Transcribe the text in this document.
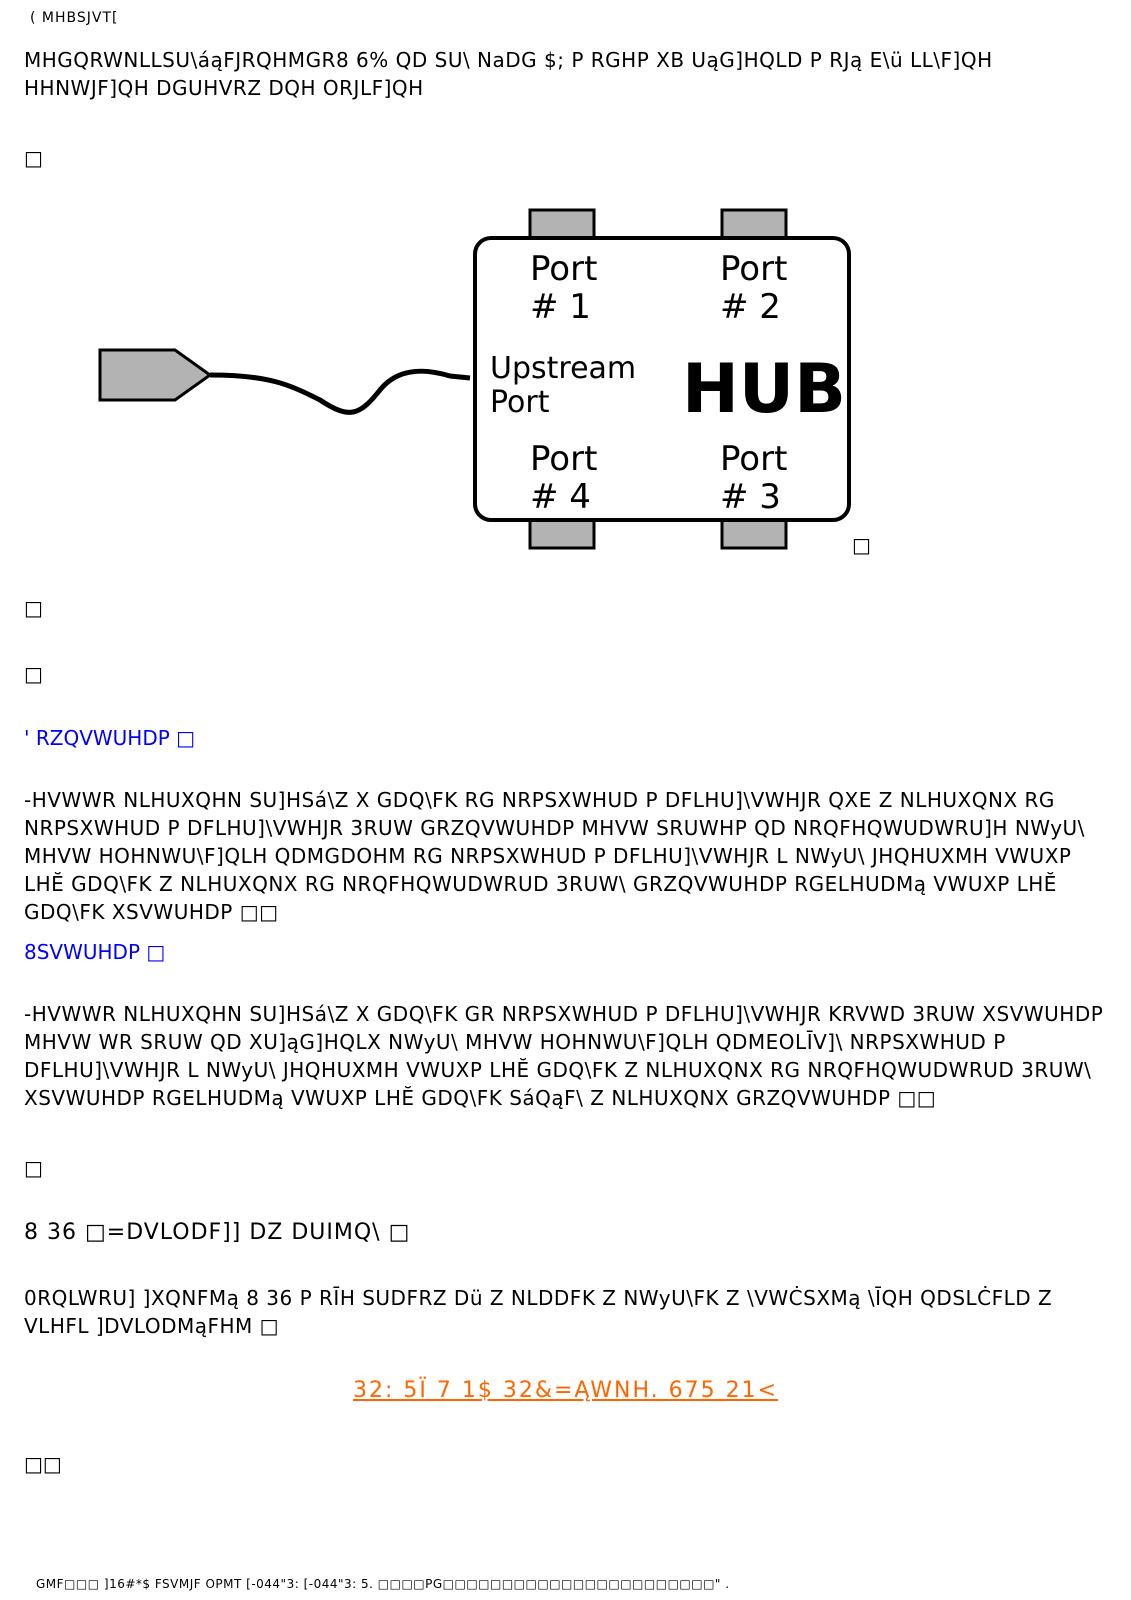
( MHBSJVT[
MHGQRWNLLSU\áąFJRQHMGR8 6% QD SU\ NaDG $; P RGHP XB UąG]HQLD P RJą E\ü LL\F]QH HHNWJF]QH DGUHVRZ DQH ORJLF]QH
□
Port
# 1
Port
# 2
Upstream
Port HUB
Port
# 4
Port
# 3
□
□
□
' RZQVWUHDP □
-HVWWR NLHUXQHN SU]HSá\Z X GDQ\FK RG NRPSXWHUD P DFLHU]\VWHJR QXE Z NLHUXQNX RG NRPSXWHUD P DFLHU]\VWHJR 3RUW GRZQVWUHDP MHVW SRUWHP QD NRQFHQWUDWRU]H NWyU\ MHVW HOHNWU\F]QLH QDMGDOHM RG NRPSXWHUD P DFLHU]\VWHJR L NWyU\ JHQHUXMH VWUXP LHĔ GDQ\FK Z NLHUXQNX RG NRQFHQWUDWRUD 3RUW\ GRZQVWUHDP RGELHUDMą VWUXP LHĔ GDQ\FK XSVWUHDP □□
8SVWUHDP □
-HVWWR NLHUXQHN SU]HSá\Z X GDQ\FK GR NRPSXWHUD P DFLHU]\VWHJR KRVWD 3RUW XSVWUHDP MHVW WR SRUW QD XU]ąG]HQLX NWyU\ MHVW HOHNWU\F]QLH QDMEOLĪV]\ NRPSXWHUD P DFLHU]\VWHJR L NWyU\ JHQHUXMH VWUXP LHĔ GDQ\FK Z NLHUXQNX RG NRQFHQWUDWRUD 3RUW\ XSVWUHDP RGELHUDMą VWUXP LHĔ GDQ\FK SáQąF\ Z NLHUXQNX GRZQVWUHDP □□
□
8 36 □=DVLODF]] DZ DUIMQ\ □
0RQLWRU] ]XQNFMą 8 36 P RĪH SUDFRZ Dü Z NLDDFK Z NWyU\FK Z \VWĊSXMą \ĪQH QDSLĊFLD Z VLHFL ]DVLODMąFHM □
32: 5Ï 7 1$ 32&=ĄWNH. 675 21<
□□
GMF□□□ ]16#*$ FSVMJF OPMT [-044"3: [-044"3: 5. □□□□PG□□□□□□□□□□□□□□□□□□□□□□□" .
